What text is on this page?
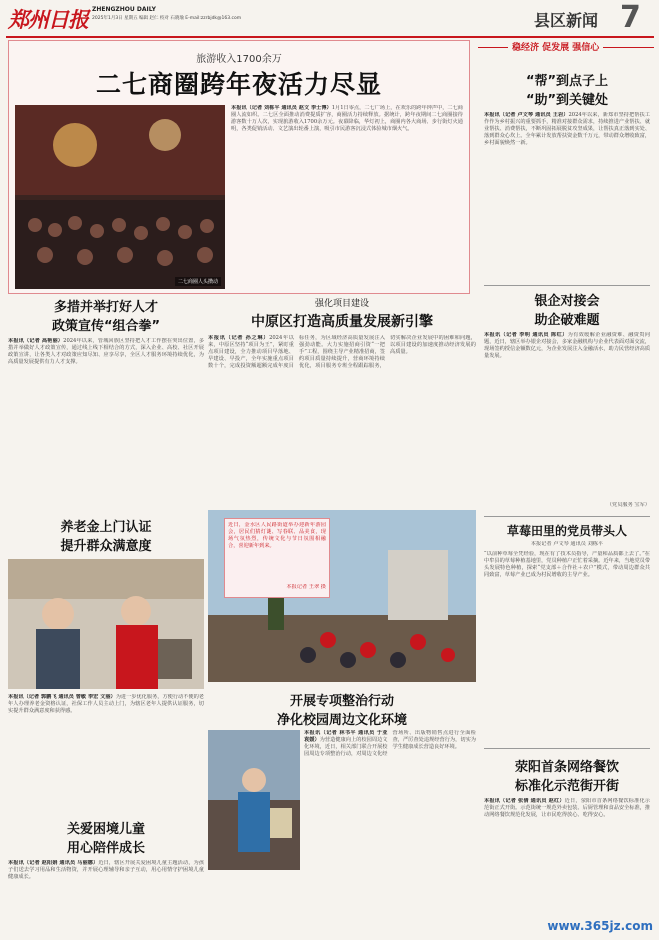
郑州日报 ZHENGZHOU DAILY
2025年1月3日 星期五 编辑 赵仁 校对 石晓瑜 E-mail:zzrbjdk@163.com	县区新闻 7
旅游收入1700余万
二七商圈跨年夜活力尽显
二七商圈人头攒动
本报讯（记者 刘栋平 通讯员 赵文 李士博）1月1日零点，二七广场上，在欢乐的跨年钟声中，二七商圈人流如织。二七区全面推动消费提质扩容，商圈活力持续释放。据统计，跨年夜期间二七商圈接待游客数十万人次，实现旅游收入1700余万元。夜幕降临，华灯初上，商圈内各大商场、步行街灯火通明，各类促销活动、文艺演出轮番上演，吸引市民游客沉浸式体验城市烟火气。
稳经济 促发展 强信心
“帮”到点子上
“助”到关键处
本报讯（记者 卢文琴 通讯员 王岩）2024年以来，新郑市坚持把帮扶工作作为乡村振兴的重要抓手，精准对接群众需求，持续推进产业帮扶、就业帮扶、消费帮扶，不断巩固拓展脱贫攻坚成果，让帮扶真正落到实处、落到群众心坎上。全年累计发放帮扶资金数千万元，带动群众增收致富，乡村面貌焕然一新。
银企对接会
助企破难题
本报讯（记者 李明 通讯员 陈红）为有效缓解企业融资难、融资贵问题，近日，辖区举办银企对接会，多家金融机构与企业代表面对面交流，现场签约授信金额数亿元，为企业发展注入金融活水，助力民营经济高质量发展。
（党员服务 宝军）
草莓田里的党员带头人
本报记者 卢文琴 通讯员 刘栋平
“以前种草莓全凭经验，现在有了技术员指导，产量和品质都上去了。”在中牟县的草莓种植基地里，党员种植户正忙着采摘。近年来，当地党员带头发展特色种植，探索“党支部＋合作社＋农户”模式，带动周边群众共同致富，草莓产业已成为村民增收的主导产业。
荥阳首条网络餐饮
标准化示范街开街
本报讯（记者 张倩 通讯员 赵红）近日，荥阳市首条网络餐饮标准化示范街正式开街。示范街统一规范外卖包装、后厨管理和食品安全标准，推动网络餐饮规范化发展，让市民吃得放心、吃得安心。
多措并举打好人才
政策宣传“组合拳”
本报讯（记者 高艳丽）2024年以来，管城回族区坚持把人才工作摆在突出位置，多措并举做好人才政策宣传，通过线上线下相结合的方式，深入企业、高校、社区开展政策宣讲，让各类人才对政策应知尽知、应享尽享，全区人才服务环境持续优化，为高质量发展提供有力人才支撑。
强化项目建设
中原区打造高质量发展新引擎
本报讯（记者 孙之琳）2024年以来，中原区坚持“项目为王”，紧盯重点项目建设，全力推动项目早落地、早建设、早投产，全年实施重点项目数十个，完成投资额超额完成年度目标任务，为区域经济高质量发展注入强劲动能。大力实施招商引资“一把手”工程，围绕主导产业精准招商，签约项目质量持续提升，营商环境持续优化，项目服务专班全程跟踪服务，切实解决企业发展中的困难和问题，以项目建设的加速度推动经济发展的高质量。
养老金上门认证
提升群众满意度
本报讯（记者 郭鹏飞 通讯员 曾敏 李宏 文丽）为进一步优化服务，方便行动不便的老年人办理养老金资格认证，社保工作人员主动上门，为辖区老年人提供认证服务，切实提升群众满意度和获得感。
近日，金水区人民路街道举办迎新年游园会，居民们猜灯谜、写春联、品美食，现场气氛热烈，传统文化与节日氛围相融合，喜迎新年到来。
本报记者 王翠 摄
开展专项整治行动
净化校园周边文化环境
本报讯（记者 林书平 通讯员 于亚 袁媛）为营造健康向上的校园周边文化环境，近日，相关部门联合开展校园周边专项整治行动，对周边文化经营场所、出版物销售点进行全面检查，严厉查处违规经营行为，切实为学生健康成长营造良好环境。
关爱困境儿童
用心陪伴成长
本报讯（记者 赵阳娟 通讯员 马丽娜）近日，辖区开展关爱困境儿童主题活动，为孩子们送去学习用品和生活物资，并开展心理辅导和亲子互动，用心用情守护困境儿童健康成长。
www.365jz.com
